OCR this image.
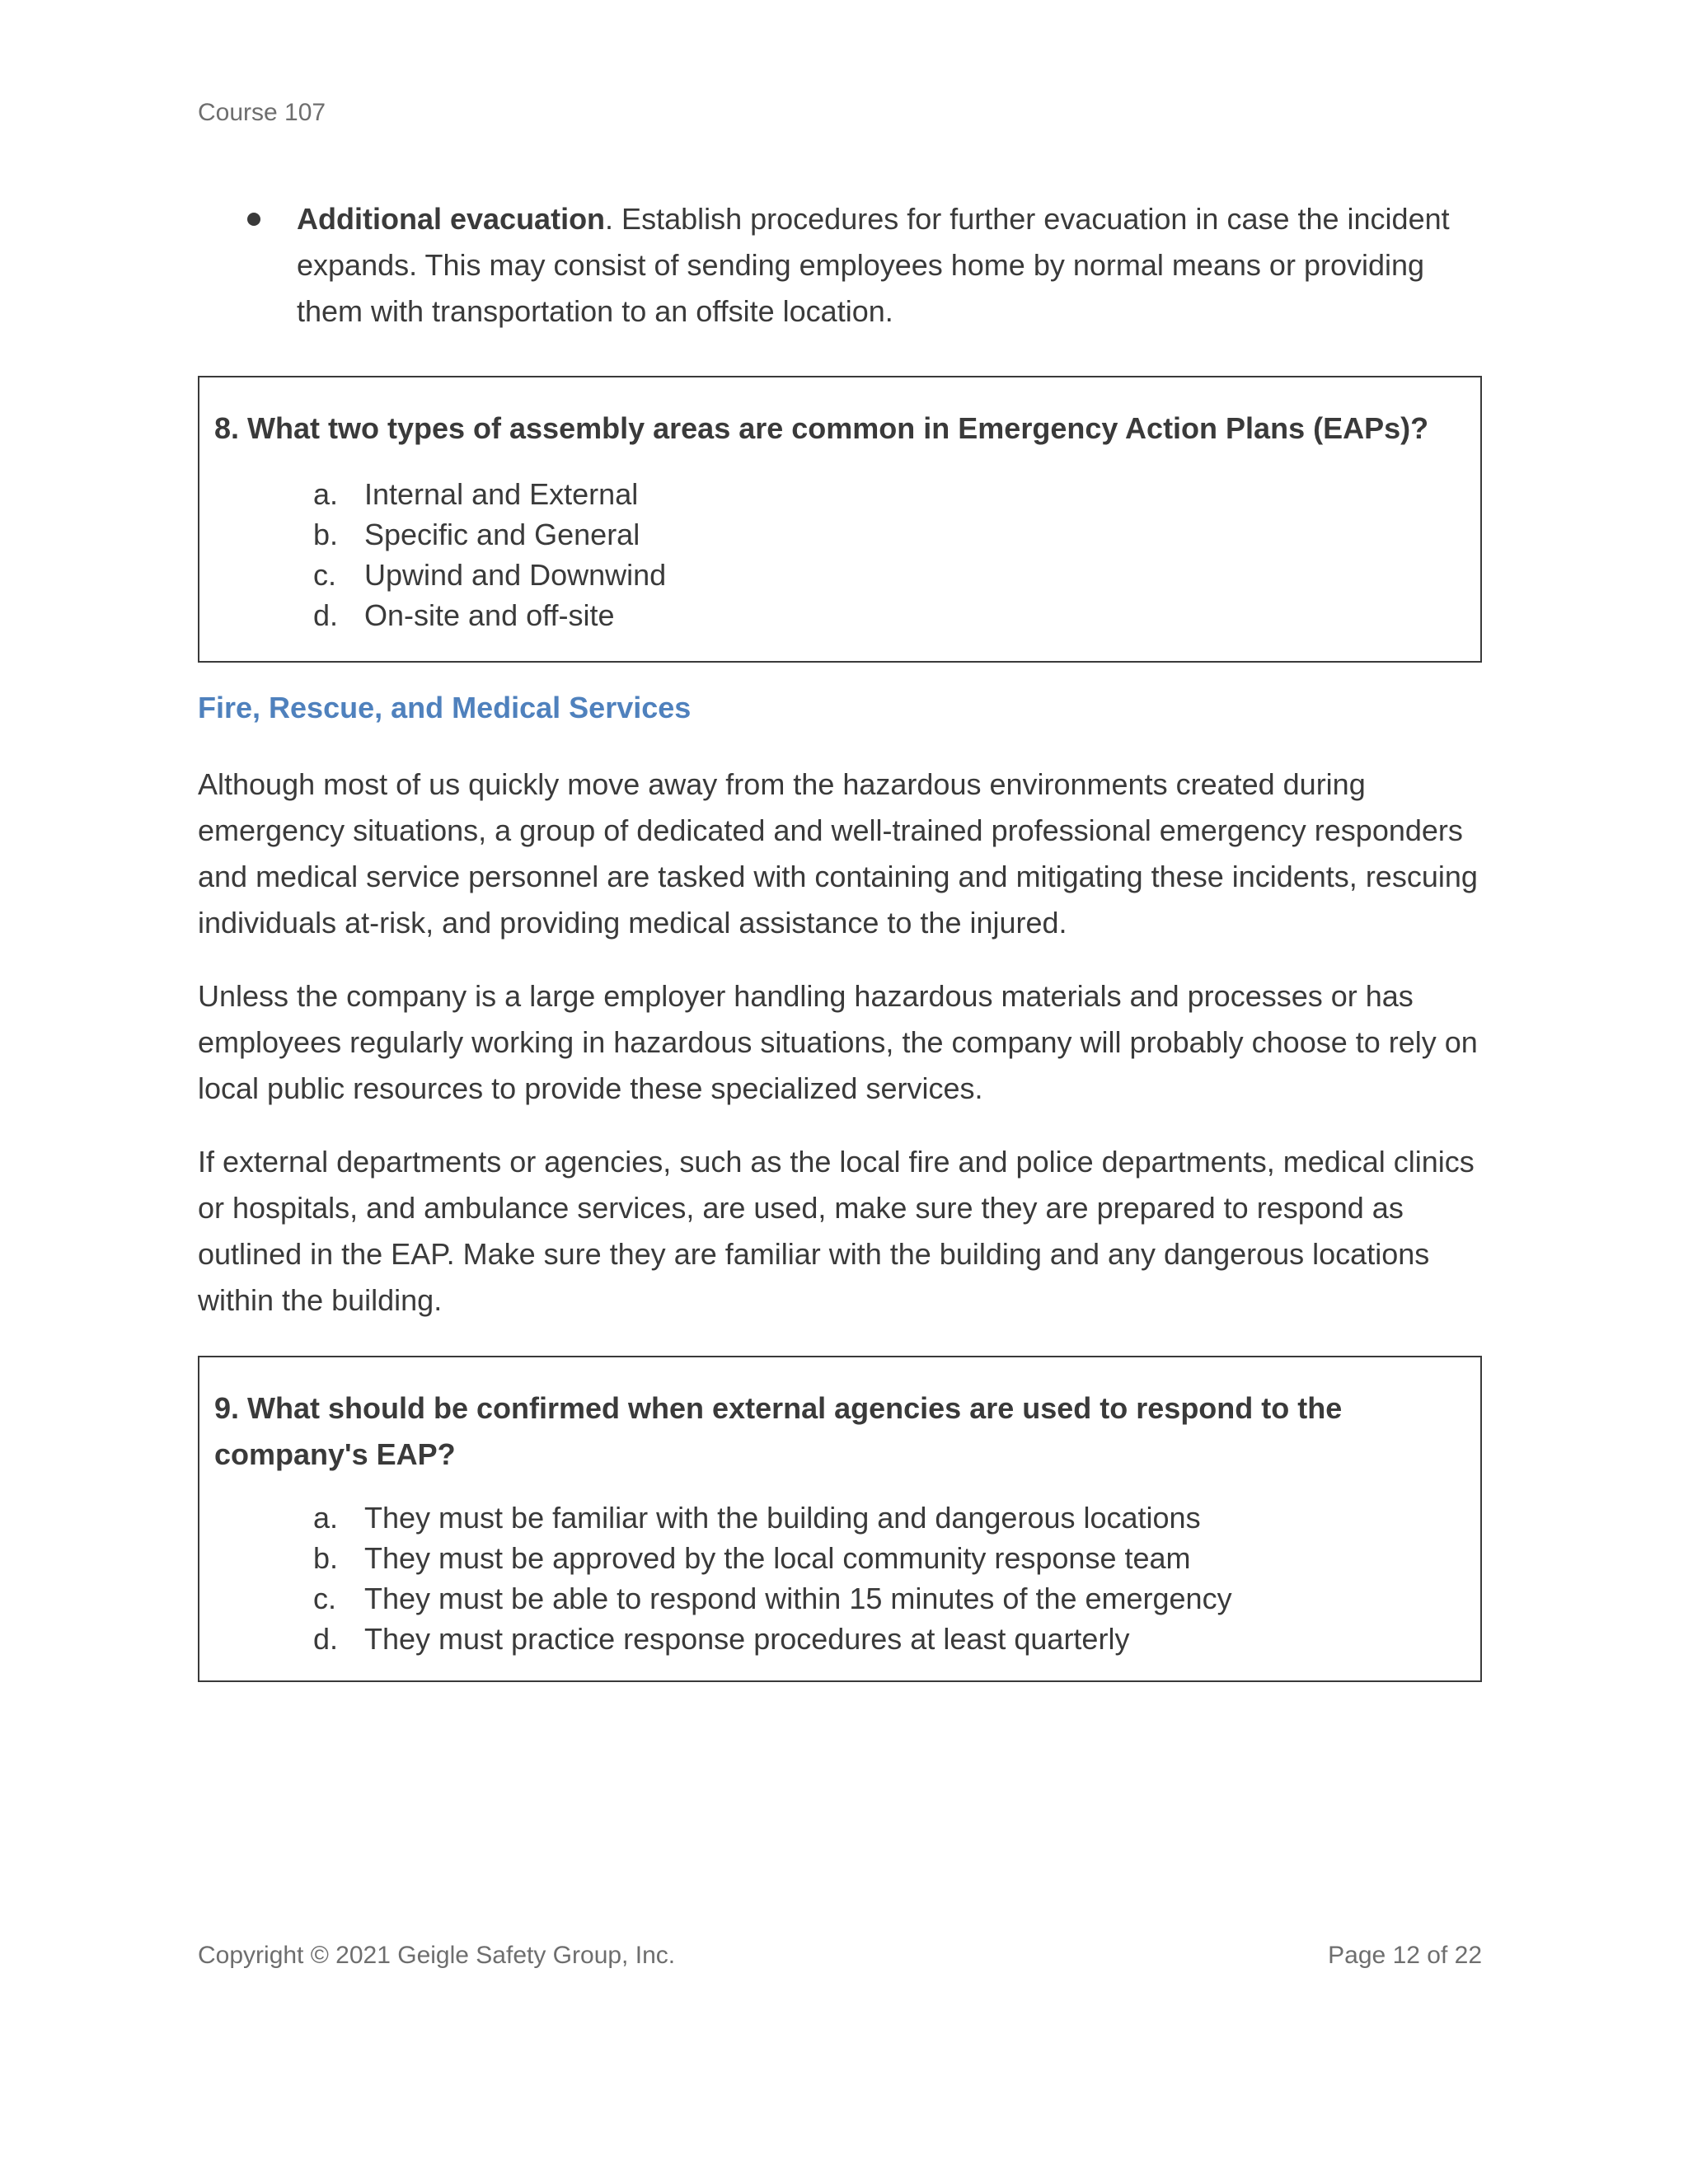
Course 107
Additional evacuation. Establish procedures for further evacuation in case the incident expands. This may consist of sending employees home by normal means or providing them with transportation to an offsite location.
8. What two types of assembly areas are common in Emergency Action Plans (EAPs)?
a. Internal and External
b. Specific and General
c. Upwind and Downwind
d. On-site and off-site
Fire, Rescue, and Medical Services

Although most of us quickly move away from the hazardous environments created during emergency situations, a group of dedicated and well-trained professional emergency responders and medical service personnel are tasked with containing and mitigating these incidents, rescuing individuals at-risk, and providing medical assistance to the injured.

Unless the company is a large employer handling hazardous materials and processes or has employees regularly working in hazardous situations, the company will probably choose to rely on local public resources to provide these specialized services.

If external departments or agencies, such as the local fire and police departments, medical clinics or hospitals, and ambulance services, are used, make sure they are prepared to respond as outlined in the EAP. Make sure they are familiar with the building and any dangerous locations within the building.

9. What should be confirmed when external agencies are used to respond to the company's EAP?
a. They must be familiar with the building and dangerous locations
b. They must be approved by the local community response team
c. They must be able to respond within 15 minutes of the emergency
d. They must practice response procedures at least quarterly
Copyright © 2021 Geigle Safety Group, Inc.	Page 12 of 22
